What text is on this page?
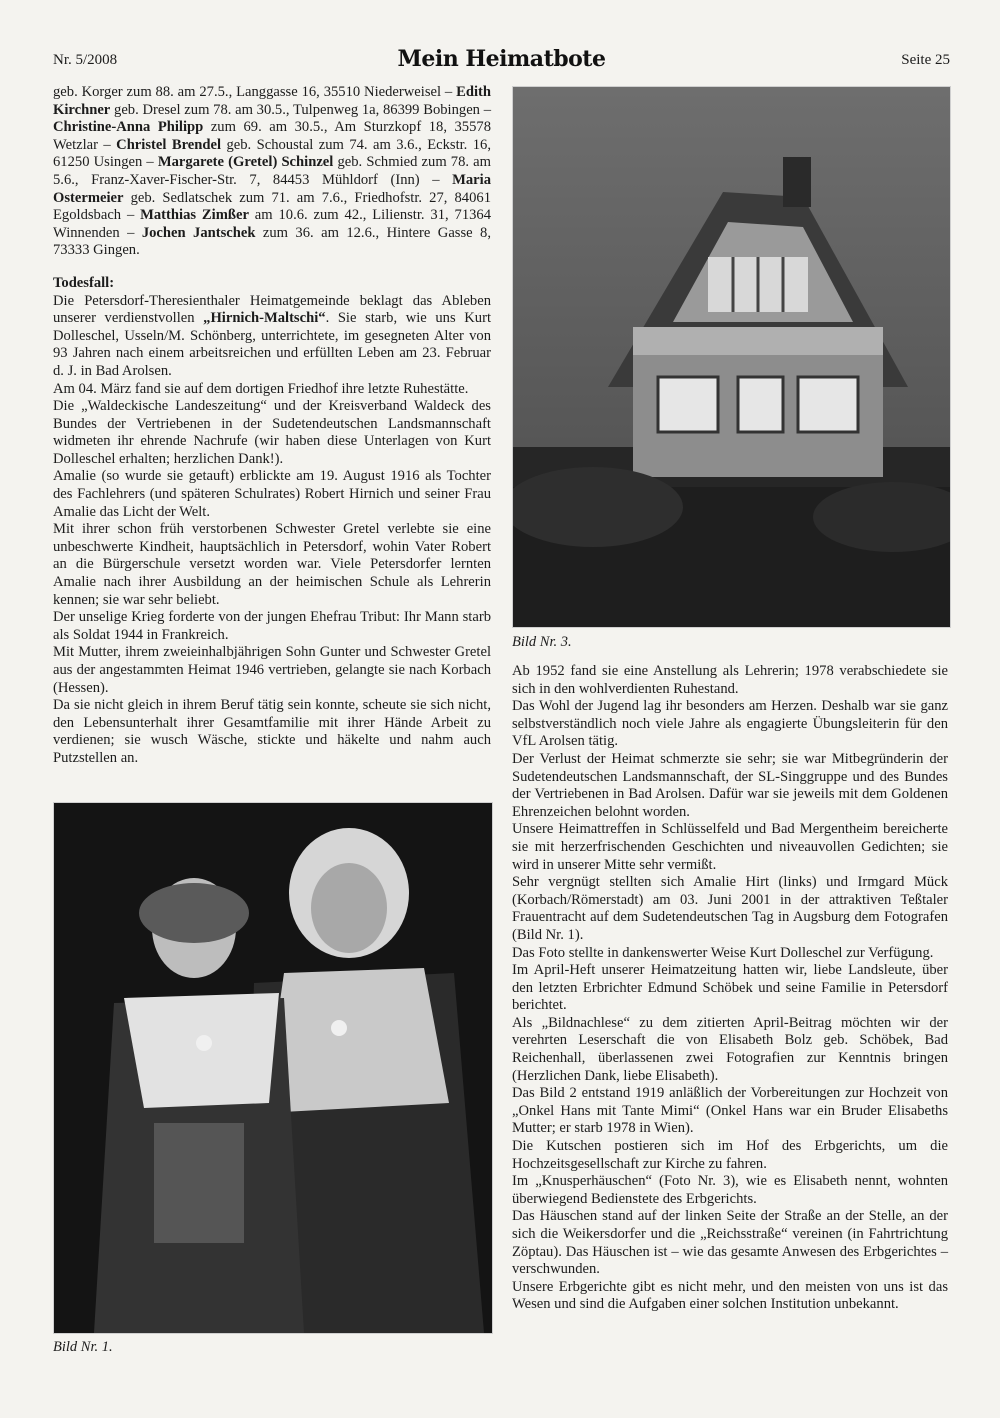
Nr. 5/2008	Mein Heimatbote	Seite 25

geb. Korger zum 88. am 27.5., Langgasse 16, 35510 Niederweisel – Edith Kirchner geb. Dresel zum 78. am 30.5., Tulpenweg 1a, 86399 Bobingen – Christine-Anna Philipp zum 69. am 30.5., Am Sturzkopf 18, 35578 Wetzlar – Christel Brendel geb. Schoustal zum 74. am 3.6., Eckstr. 16, 61250 Usingen – Margarete (Gretel) Schinzel geb. Schmied zum 78. am 5.6., Franz-Xaver-Fischer-Str. 7, 84453 Mühldorf (Inn) – Maria Ostermeier geb. Sedlatschek zum 71. am 7.6., Friedhofstr. 27, 84061 Egoldsbach – Matthias Zimßer am 10.6. zum 42., Lilienstr. 31, 71364 Winnenden – Jochen Jantschek zum 36. am 12.6., Hintere Gasse 8, 73333 Gingen.

Todesfall:

Die Petersdorf-Theresienthaler Heimatgemeinde beklagt das Ableben unserer verdienstvollen „Hirnich-Maltschi“. Sie starb, wie uns Kurt Dolleschel, Usseln/M. Schönberg, unterrichtete, im gesegneten Alter von 93 Jahren nach einem arbeitsreichen und erfüllten Leben am 23. Februar d. J. in Bad Arolsen.

Am 04. März fand sie auf dem dortigen Friedhof ihre letzte Ruhestätte.

Die „Waldeckische Landeszeitung“ und der Kreisverband Waldeck des Bundes der Vertriebenen in der Sudetendeutschen Landsmannschaft widmeten ihr ehrende Nachrufe (wir haben diese Unterlagen von Kurt Dolleschel erhalten; herzlichen Dank!).

Amalie (so wurde sie getauft) erblickte am 19. August 1916 als Tochter des Fachlehrers (und späteren Schulrates) Robert Hirnich und seiner Frau Amalie das Licht der Welt.

Mit ihrer schon früh verstorbenen Schwester Gretel verlebte sie eine unbeschwerte Kindheit, hauptsächlich in Petersdorf, wohin Vater Robert an die Bürgerschule versetzt worden war. Viele Petersdorfer lernten Amalie nach ihrer Ausbildung an der heimischen Schule als Lehrerin kennen; sie war sehr beliebt.

Der unselige Krieg forderte von der jungen Ehefrau Tribut: Ihr Mann starb als Soldat 1944 in Frankreich.

Mit Mutter, ihrem zweieinhalbjährigen Sohn Gunter und Schwester Gretel aus der angestammten Heimat 1946 vertrieben, gelangte sie nach Korbach (Hessen).

Da sie nicht gleich in ihrem Beruf tätig sein konnte, scheute sie sich nicht, den Lebensunterhalt ihrer Gesamtfamilie mit ihrer Hände Arbeit zu verdienen; sie wusch Wäsche, stickte und häkelte und nahm auch Putzstellen an.

Bild Nr. 3.

Ab 1952 fand sie eine Anstellung als Lehrerin; 1978 verabschiedete sie sich in den wohlverdienten Ruhestand.

Das Wohl der Jugend lag ihr besonders am Herzen. Deshalb war sie ganz selbstverständlich noch viele Jahre als engagierte Übungsleiterin für den VfL Arolsen tätig.

Der Verlust der Heimat schmerzte sie sehr; sie war Mitbegründerin der Sudetendeutschen Landsmannschaft, der SL-Singgruppe und des Bundes der Vertriebenen in Bad Arolsen. Dafür war sie jeweils mit dem Goldenen Ehrenzeichen belohnt worden.

Unsere Heimattreffen in Schlüsselfeld und Bad Mergentheim bereicherte sie mit herzerfrischenden Geschichten und niveauvollen Gedichten; sie wird in unserer Mitte sehr vermißt.

Sehr vergnügt stellten sich Amalie Hirt (links) und Irmgard Mück (Korbach/Römerstadt) am 03. Juni 2001 in der attraktiven Teßtaler Frauentracht auf dem Sudetendeutschen Tag in Augsburg dem Fotografen (Bild Nr. 1).

Das Foto stellte in dankenswerter Weise Kurt Dolleschel zur Verfügung.

Im April-Heft unserer Heimatzeitung hatten wir, liebe Landsleute, über den letzten Erbrichter Edmund Schöbek und seine Familie in Petersdorf berichtet.

Als „Bildnachlese“ zu dem zitierten April-Beitrag möchten wir der verehrten Leserschaft die von Elisabeth Bolz geb. Schöbek, Bad Reichenhall, überlassenen zwei Fotografien zur Kenntnis bringen (Herzlichen Dank, liebe Elisabeth).

Das Bild 2 entstand 1919 anläßlich der Vorbereitungen zur Hochzeit von „Onkel Hans mit Tante Mimi“ (Onkel Hans war ein Bruder Elisabeths Mutter; er starb 1978 in Wien).

Die Kutschen postieren sich im Hof des Erbgerichts, um die Hochzeitsgesellschaft zur Kirche zu fahren.

Im „Knusperhäuschen“ (Foto Nr. 3), wie es Elisabeth nennt, wohnten überwiegend Bedienstete des Erbgerichts.

Das Häuschen stand auf der linken Seite der Straße an der Stelle, an der sich die Weikersdorfer und die „Reichsstraße“ vereinen (in Fahrtrichtung Zöptau). Das Häuschen ist – wie das gesamte Anwesen des Erbgerichtes – verschwunden.

Unsere Erbgerichte gibt es nicht mehr, und den meisten von uns ist das Wesen und sind die Aufgaben einer solchen Institution unbekannt.

Bild Nr. 1.
